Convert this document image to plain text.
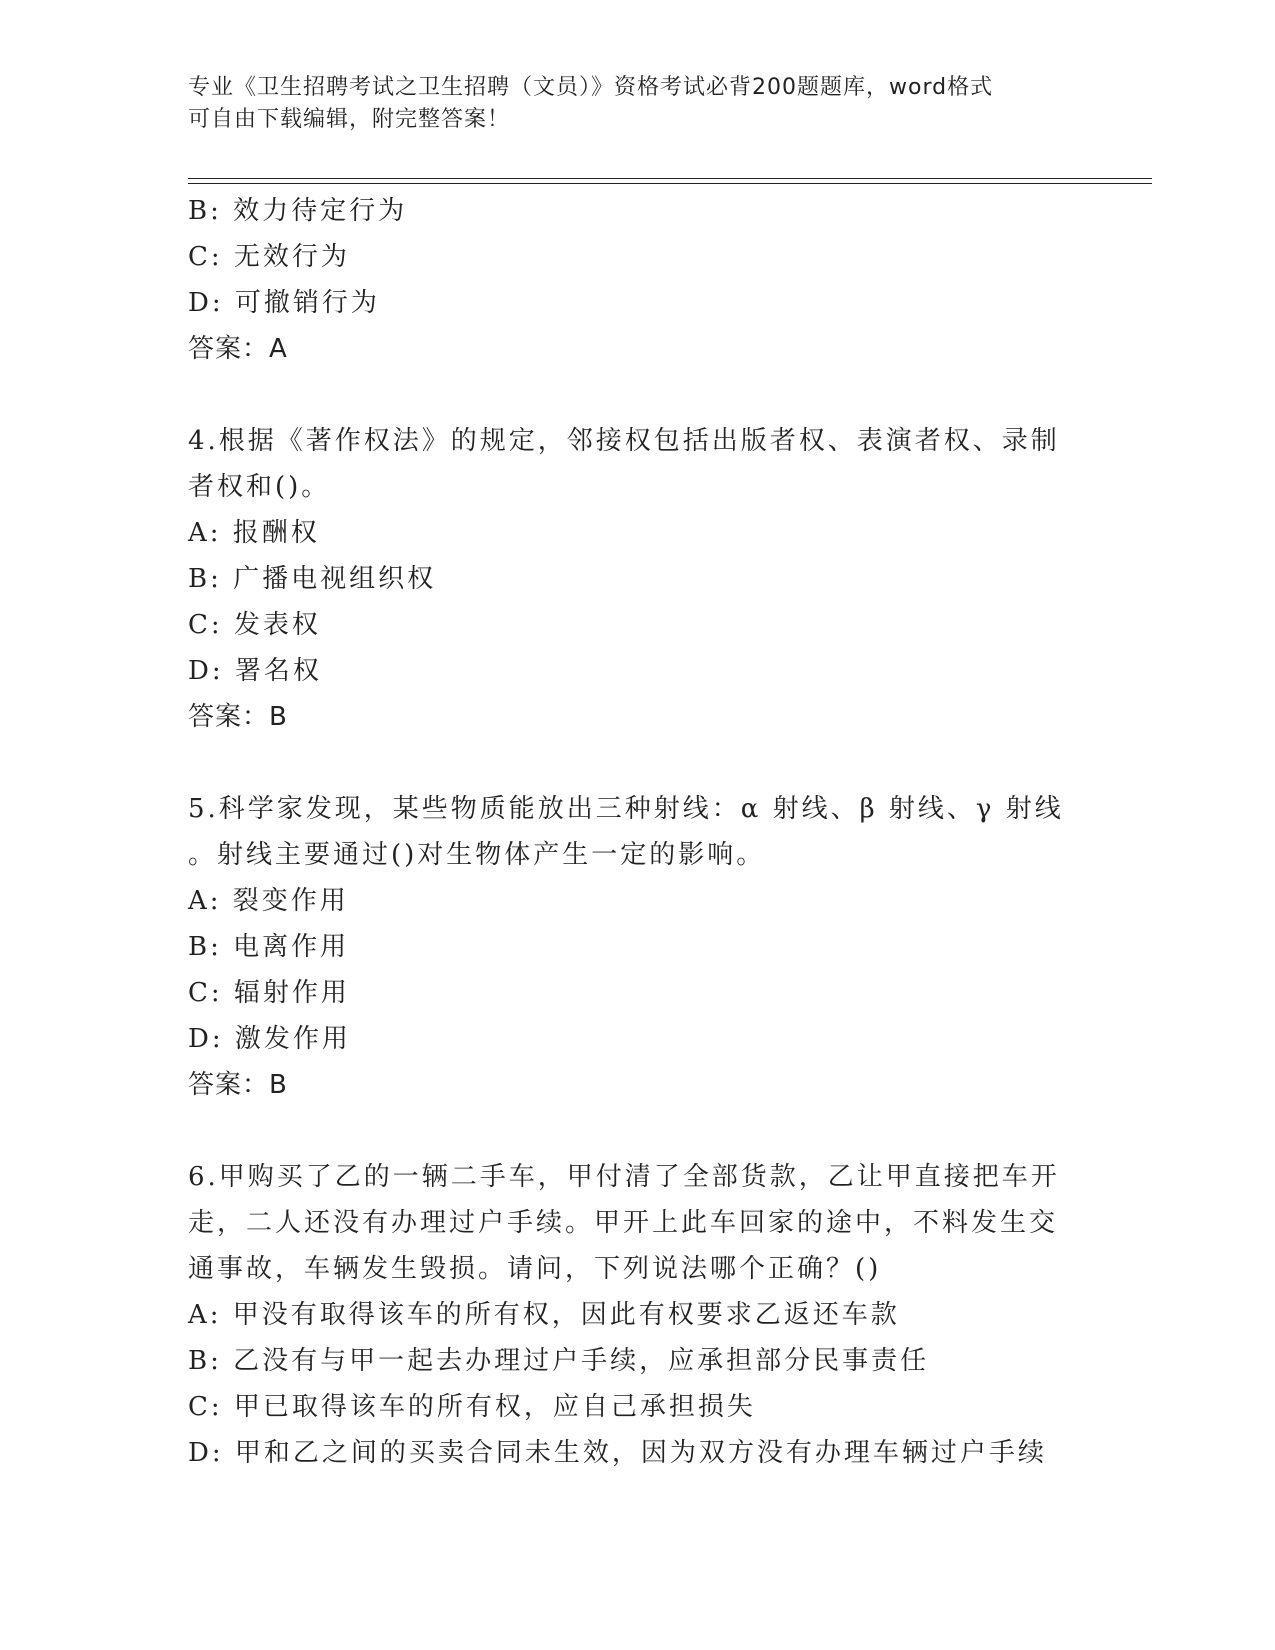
专业《卫生招聘考试之卫生招聘（文员）》资格考试必背200题题库，word格式
可自由下载编辑，附完整答案！
B: 效力待定行为
C: 无效行为
D: 可撤销行为
答案：A
4.根据《著作权法》的规定，邻接权包括出版者权、表演者权、录制
者权和()。
A: 报酬权
B: 广播电视组织权
C: 发表权
D: 署名权
答案：B
5.科学家发现，某些物质能放出三种射线：α 射线、β 射线、γ 射线
。射线主要通过()对生物体产生一定的影响。
A: 裂变作用
B: 电离作用
C: 辐射作用
D: 激发作用
答案：B
6.甲购买了乙的一辆二手车，甲付清了全部货款，乙让甲直接把车开
走，二人还没有办理过户手续。甲开上此车回家的途中，不料发生交
通事故，车辆发生毁损。请问，下列说法哪个正确？()
A: 甲没有取得该车的所有权，因此有权要求乙返还车款
B: 乙没有与甲一起去办理过户手续，应承担部分民事责任
C: 甲已取得该车的所有权，应自己承担损失
D: 甲和乙之间的买卖合同未生效，因为双方没有办理车辆过户手续
